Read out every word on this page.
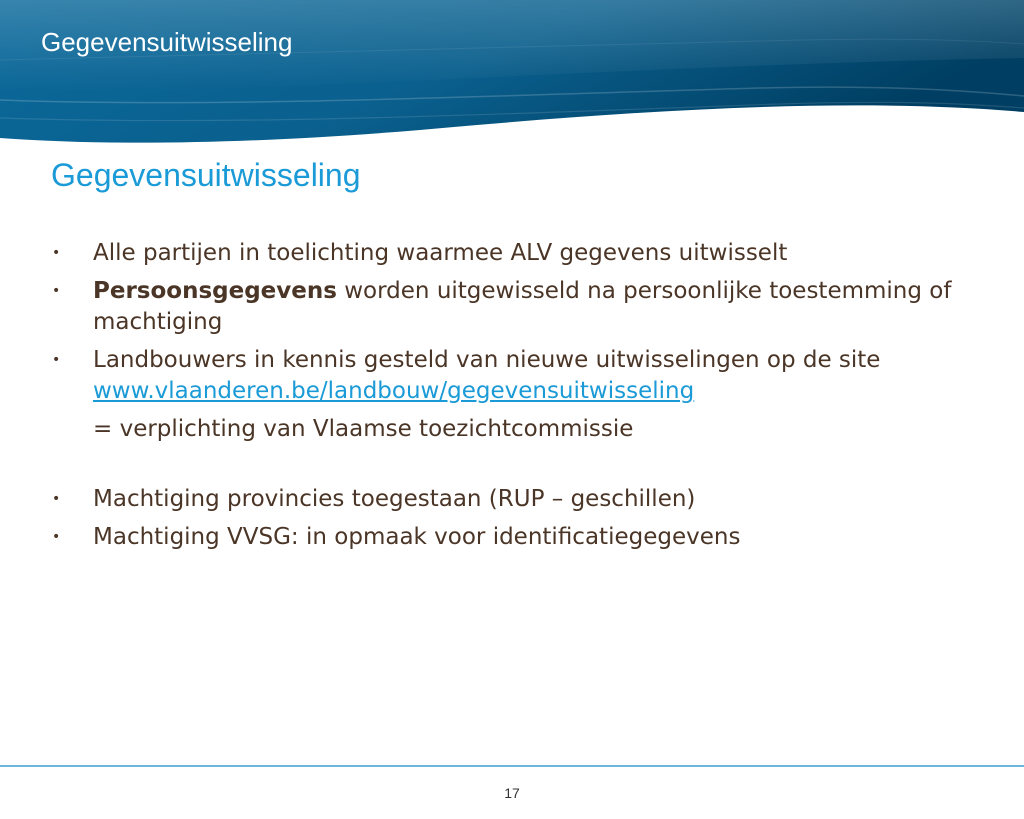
Gegevensuitwisseling
Gegevensuitwisseling
• Alle partijen in toelichting waarmee ALV gegevens uitwisselt
• Persoonsgegevens worden uitgewisseld na persoonlijke toestemming of machtiging
• Landbouwers in kennis gesteld van nieuwe uitwisselingen op de site www.vlaanderen.be/landbouw/gegevensuitwisseling
= verplichting van Vlaamse toezichtcommissie
• Machtiging provincies toegestaan (RUP – geschillen)
• Machtiging VVSG: in opmaak voor identificatiegegevens
17
